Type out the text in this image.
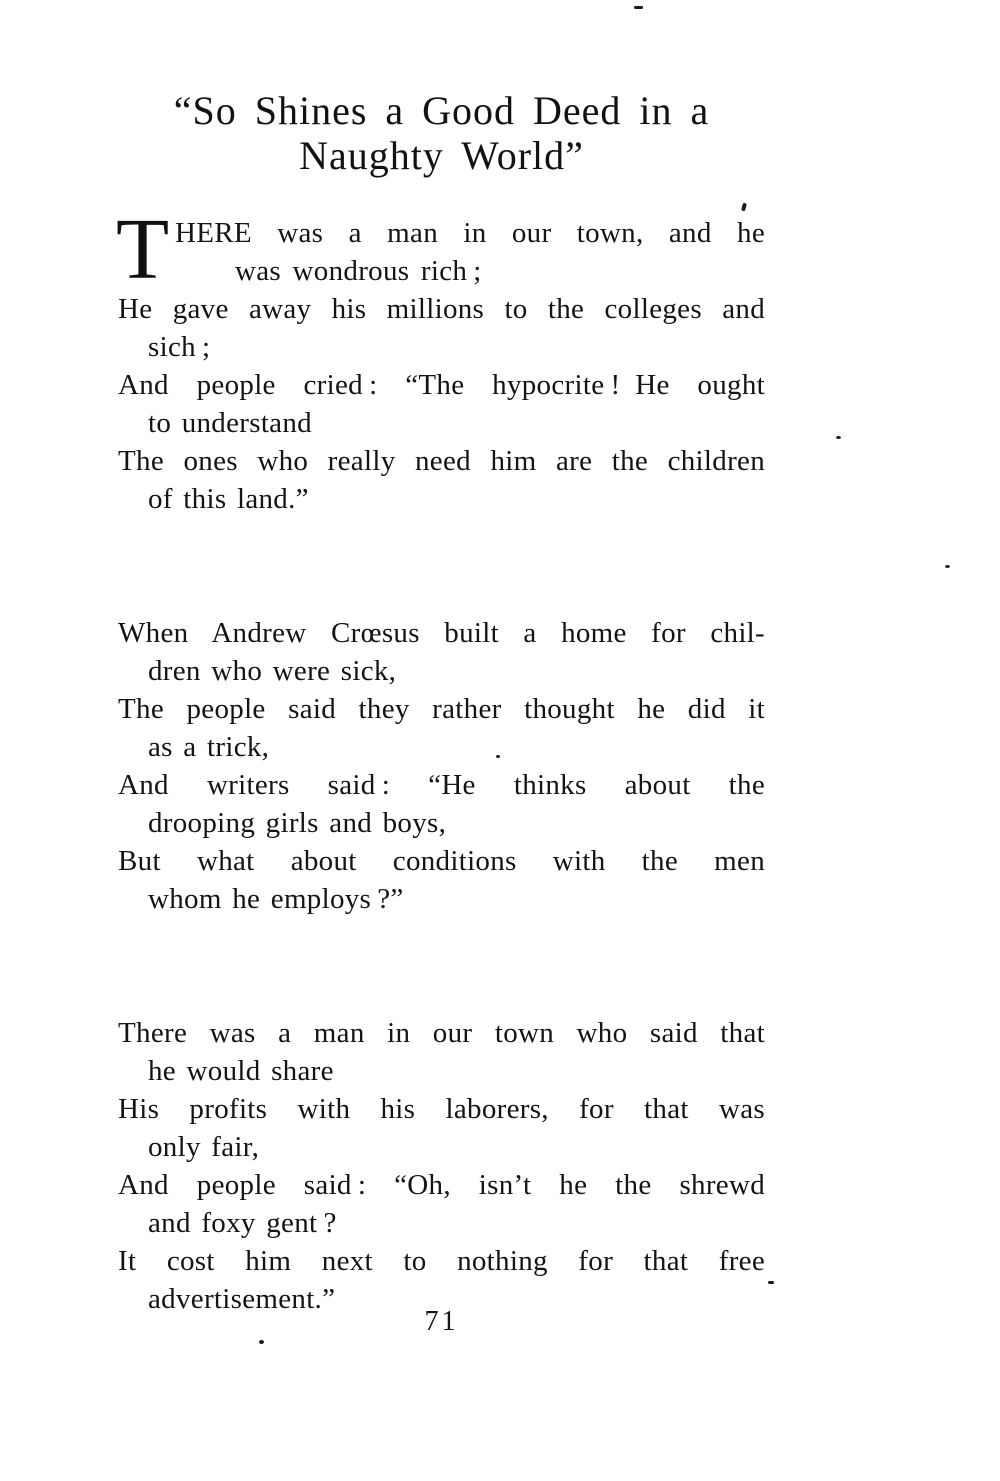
“So Shines a Good Deed in a
Naughty World”
T HERE was a man in our town, and he
was wondrous rich ;
He gave away his millions to the colleges and
sich ;
And people cried : “The hypocrite ! He ought
to understand
The ones who really need him are the children
of this land.”
When Andrew Crœsus built a home for chil-
dren who were sick,
The people said they rather thought he did it
as a trick,
And writers said : “He thinks about the
drooping girls and boys,
But what about conditions with the men
whom he employs ?”
There was a man in our town who said that
he would share
His profits with his laborers, for that was
only fair,
And people said : “Oh, isn’t he the shrewd
and foxy gent ?
It cost him next to nothing for that free
advertisement.”
71
